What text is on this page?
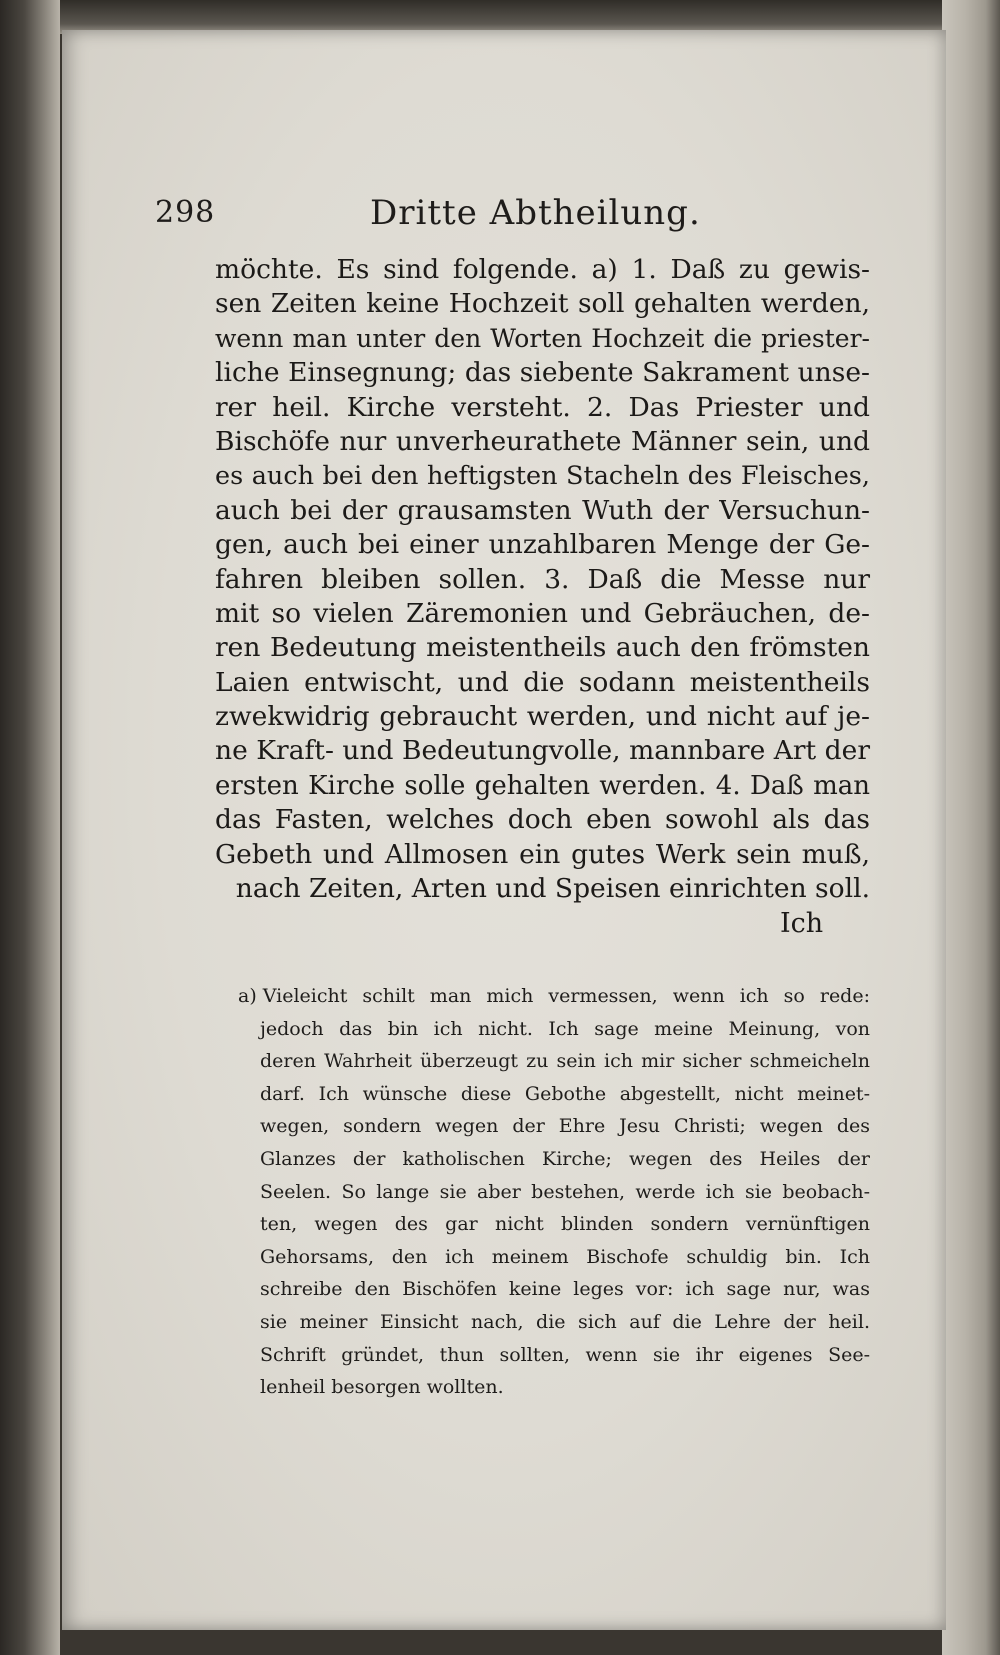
298	Dritte Abtheilung.
möchte. Es sind folgende. a) 1. Daß zu gewis-
sen Zeiten keine Hochzeit soll gehalten werden,
wenn man unter den Worten Hochzeit die priester-
liche Einsegnung; das siebente Sakrament unse-
rer heil. Kirche versteht. 2. Das Priester und
Bischöfe nur unverheurathete Männer sein, und
es auch bei den heftigsten Stacheln des Fleisches,
auch bei der grausamsten Wuth der Versuchun-
gen, auch bei einer unzahlbaren Menge der Ge-
fahren bleiben sollen. 3. Daß die Messe nur
mit so vielen Zäremonien und Gebräuchen, de-
ren Bedeutung meistentheils auch den frömsten
Laien entwischt, und die sodann meistentheils
zwekwidrig gebraucht werden, und nicht auf je-
ne Kraft- und Bedeutungvolle, mannbare Art der
ersten Kirche solle gehalten werden. 4. Daß man
das Fasten, welches doch eben sowohl als das
Gebeth und Allmosen ein gutes Werk sein muß,
nach Zeiten, Arten und Speisen einrichten soll.
Ich
a) Vieleicht schilt man mich vermessen, wenn ich so rede:
jedoch das bin ich nicht. Ich sage meine Meinung, von
deren Wahrheit überzeugt zu sein ich mir sicher schmeicheln
darf. Ich wünsche diese Gebothe abgestellt, nicht meinet-
wegen, sondern wegen der Ehre Jesu Christi; wegen des
Glanzes der katholischen Kirche; wegen des Heiles der
Seelen. So lange sie aber bestehen, werde ich sie beobach-
ten, wegen des gar nicht blinden sondern vernünftigen
Gehorsams, den ich meinem Bischofe schuldig bin. Ich
schreibe den Bischöfen keine leges vor: ich sage nur, was
sie meiner Einsicht nach, die sich auf die Lehre der heil.
Schrift gründet, thun sollten, wenn sie ihr eigenes See-
lenheil besorgen wollten.
